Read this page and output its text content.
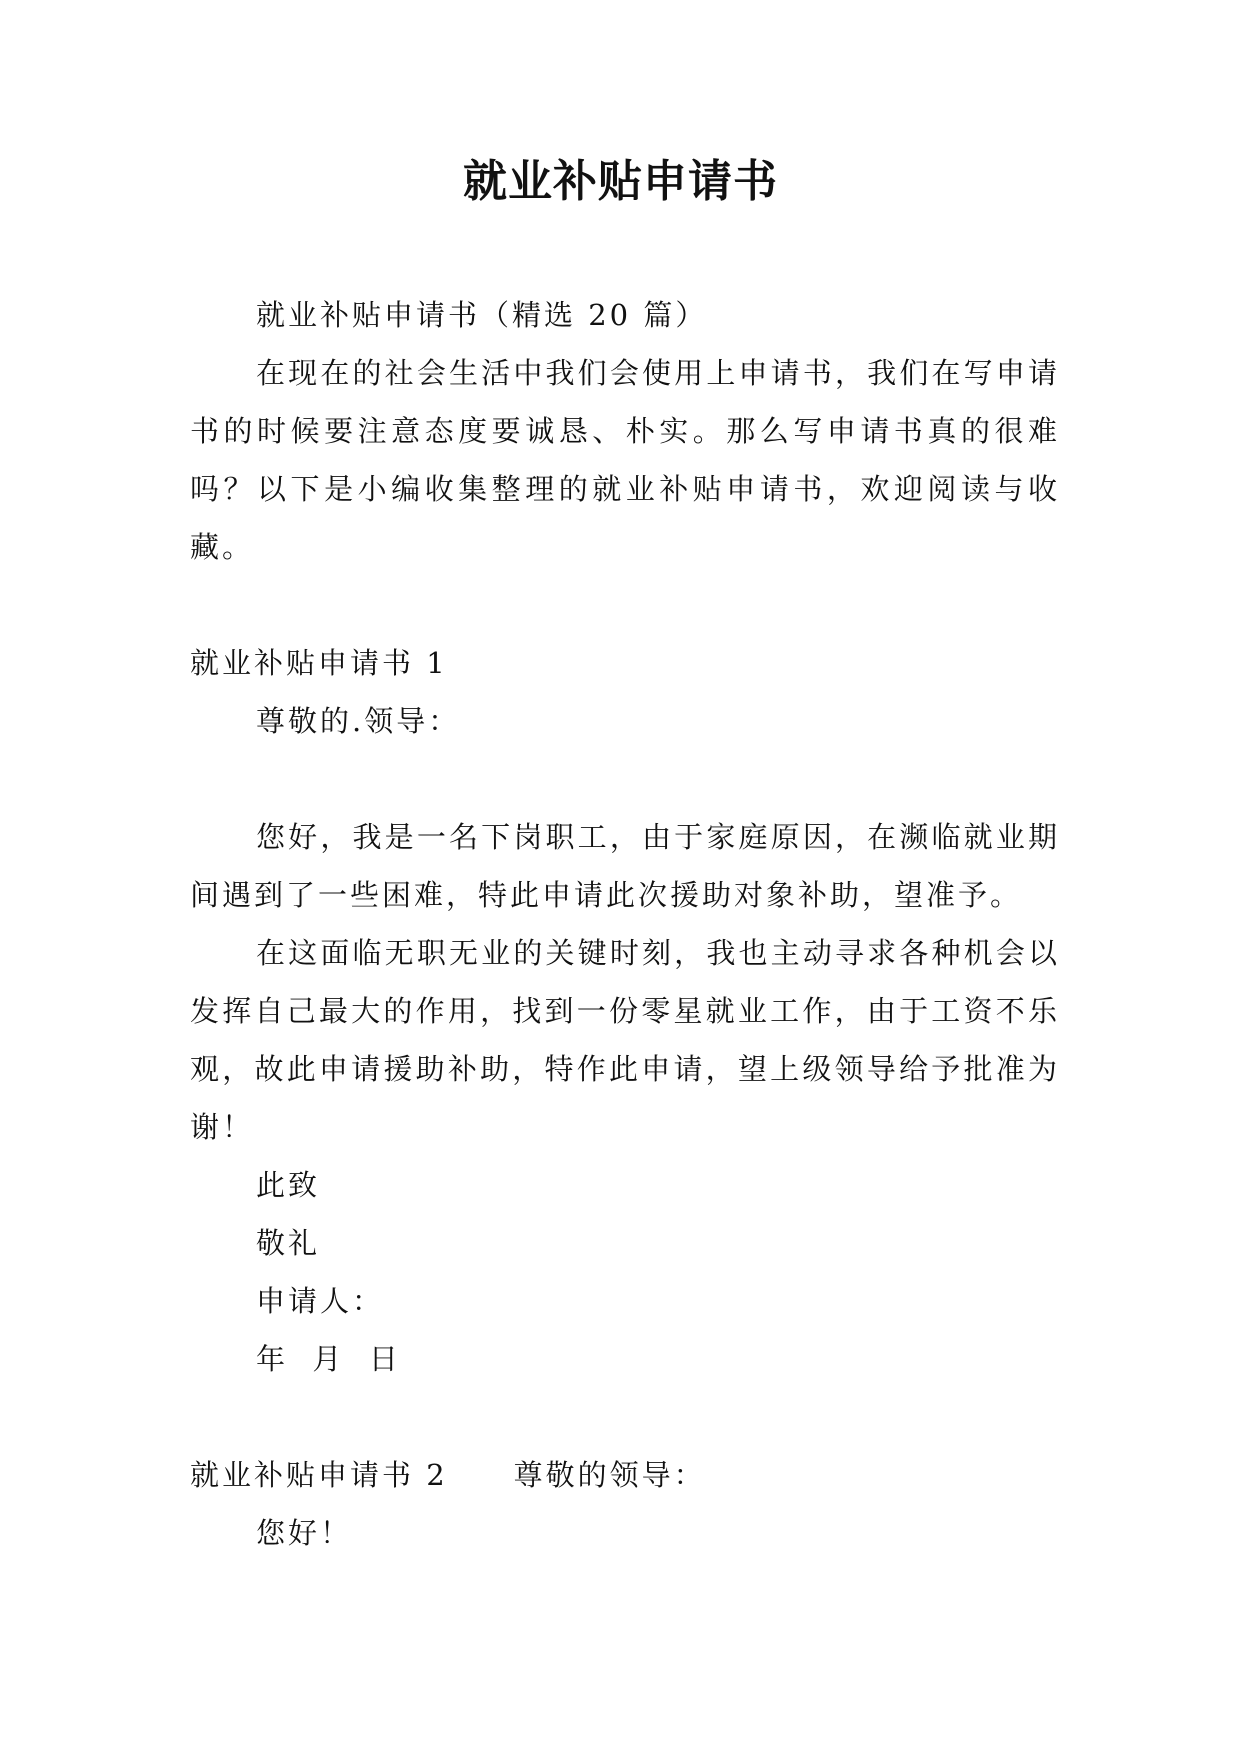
就业补贴申请书

就业补贴申请书（精选 20 篇）

在现在的社会生活中我们会使用上申请书，我们在写申请书的时候要注意态度要诚恳、朴实。那么写申请书真的很难吗？以下是小编收集整理的就业补贴申请书，欢迎阅读与收藏。

就业补贴申请书 1

尊敬的.领导：

您好，我是一名下岗职工，由于家庭原因，在濒临就业期间遇到了一些困难，特此申请此次援助对象补助，望准予。

在这面临无职无业的关键时刻，我也主动寻求各种机会以发挥自己最大的作用，找到一份零星就业工作，由于工资不乐观，故此申请援助补助，特作此申请，望上级领导给予批准为谢！

此致

敬礼

申请人：

年  月  日

就业补贴申请书 2 尊敬的领导：

您好！
